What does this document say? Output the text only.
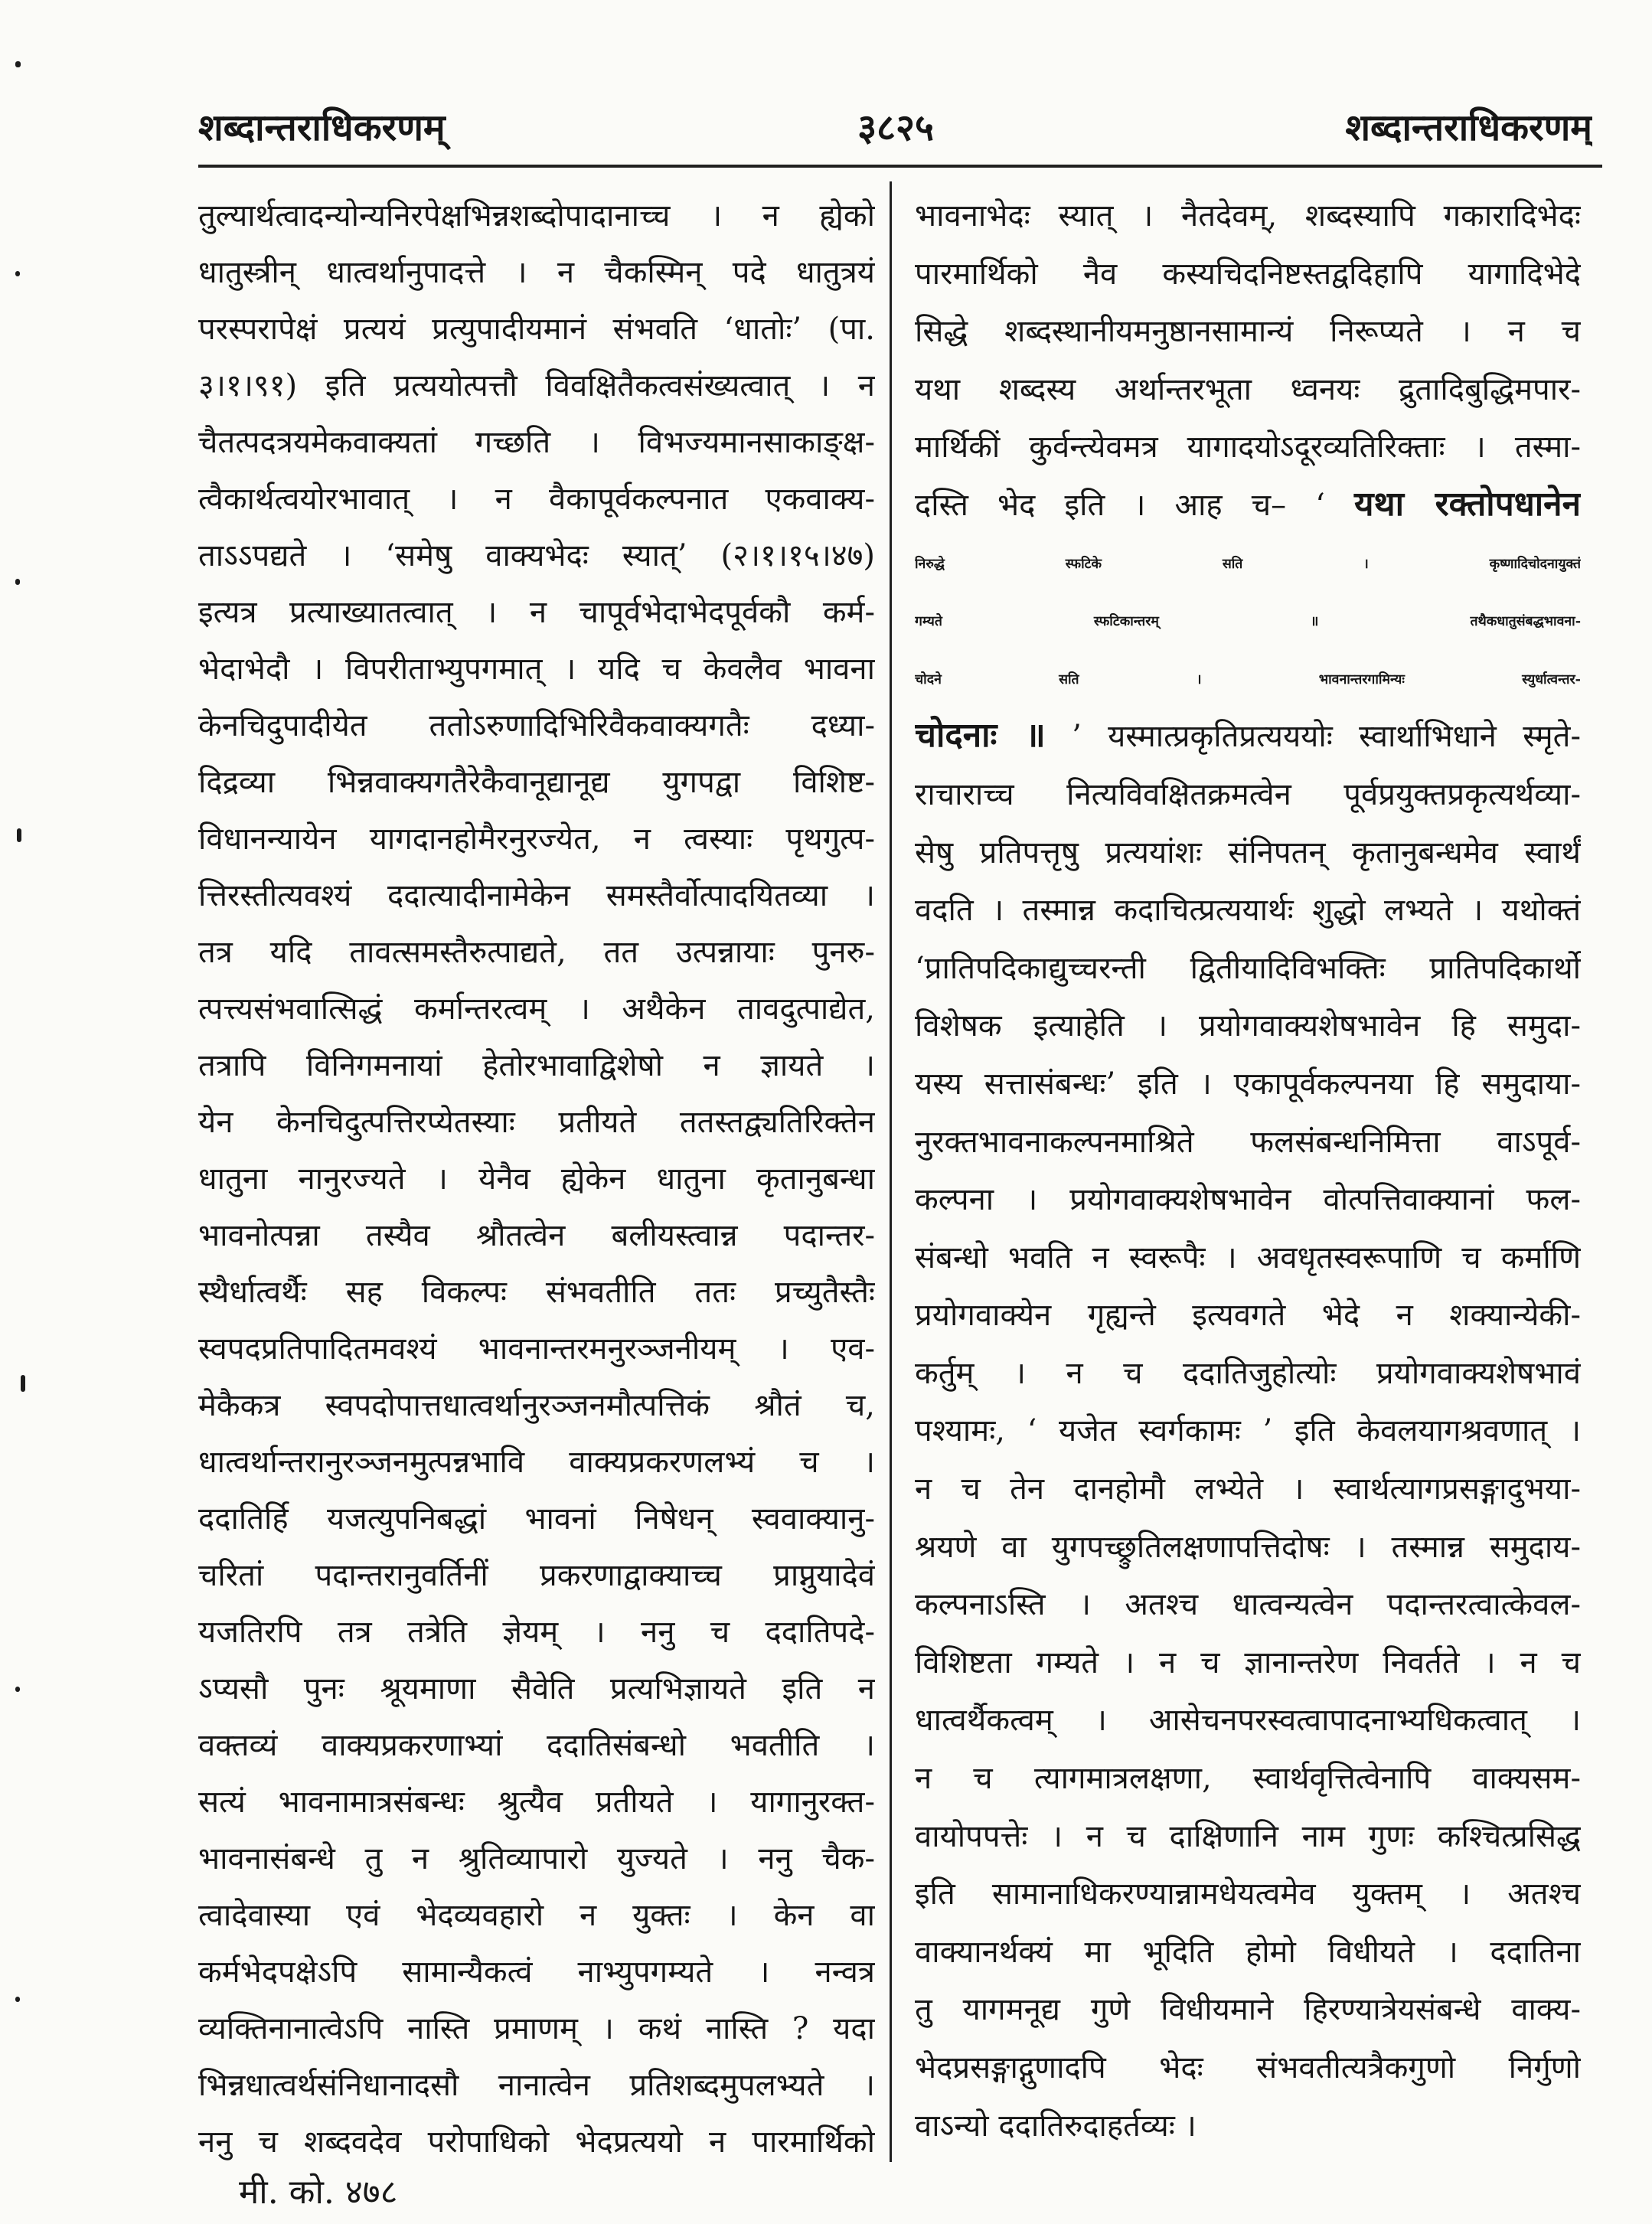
शब्दान्तराधिकरणम्	३८२५	शब्दान्तराधिकरणम्
तुल्यार्थत्वादन्योन्यनिरपेक्षभिन्नशब्दोपादानाच्च । न ह्येको
धातुस्त्रीन् धात्वर्थानुपादत्ते । न चैकस्मिन् पदे धातुत्रयं
परस्परापेक्षं प्रत्ययं प्रत्युपादीयमानं संभवति ‘धातोः’ (पा.
३।१।९१) इति प्रत्ययोत्पत्तौ विवक्षितैकत्वसंख्यत्वात् । न
चैतत्पदत्रयमेकवाक्यतां गच्छति । विभज्यमानसाकाङ्क्ष-
त्वैकार्थत्वयोरभावात् । न वैकापूर्वकल्पनात एकवाक्य-
ताऽऽपद्यते । ‘समेषु वाक्यभेदः स्यात्’ (२।१।१५।४७)
इत्यत्र प्रत्याख्यातत्वात् । न चापूर्वभेदाभेदपूर्वकौ कर्म-
भेदाभेदौ । विपरीताभ्युपगमात् । यदि च केवलैव भावना
केनचिदुपादीयेत ततोऽरुणादिभिरिवैकवाक्यगतैः दध्या-
दिद्रव्या भिन्नवाक्यगतैरेकैवानूद्यानूद्य युगपद्वा विशिष्ट-
विधानन्यायेन यागदानहोमैरनुरज्येत, न त्वस्याः पृथगुत्प-
त्तिरस्तीत्यवश्यं ददात्यादीनामेकेन समस्तैर्वोत्पादयितव्या ।
तत्र यदि तावत्समस्तैरुत्पाद्यते, तत उत्पन्नायाः पुनरु-
त्पत्त्यसंभवात्सिद्धं कर्मान्तरत्वम् । अथैकेन तावदुत्पाद्येत,
तत्रापि विनिगमनायां हेतोरभावाद्विशेषो न ज्ञायते ।
येन केनचिदुत्पत्तिरप्येतस्याः प्रतीयते ततस्तद्व्यतिरिक्तेन
धातुना नानुरज्यते । येनैव ह्येकेन धातुना कृतानुबन्धा
भावनोत्पन्ना तस्यैव श्रौतत्वेन बलीयस्त्वान्न पदान्तर-
स्थैर्धात्वर्थैः सह विकल्पः संभवतीति ततः प्रच्युतैस्तैः
स्वपदप्रतिपादितमवश्यं भावनान्तरमनुरञ्जनीयम् । एव-
मेकैकत्र स्वपदोपात्तधात्वर्थानुरञ्जनमौत्पत्तिकं श्रौतं च,
धात्वर्थान्तरानुरञ्जनमुत्पन्नभावि वाक्यप्रकरणलभ्यं च ।
ददातिर्हि यजत्युपनिबद्धां भावनां निषेधन् स्ववाक्यानु-
चरितां पदान्तरानुवर्तिनीं प्रकरणाद्वाक्याच्च प्राप्नुयादेवं
यजतिरपि तत्र तत्रेति ज्ञेयम् । ननु च ददातिपदे-
ऽप्यसौ पुनः श्रूयमाणा सैवेति प्रत्यभिज्ञायते इति न
वक्तव्यं वाक्यप्रकरणाभ्यां ददातिसंबन्धो भवतीति ।
सत्यं भावनामात्रसंबन्धः श्रुत्यैव प्रतीयते । यागानुरक्त-
भावनासंबन्धे तु न श्रुतिव्यापारो युज्यते । ननु चैक-
त्वादेवास्या एवं भेदव्यवहारो न युक्तः । केन वा
कर्मभेदपक्षेऽपि सामान्यैकत्वं नाभ्युपगम्यते । नन्वत्र
व्यक्तिनानात्वेऽपि नास्ति प्रमाणम् । कथं नास्ति ? यदा
भिन्नधात्वर्थसंनिधानादसौ नानात्वेन प्रतिशब्दमुपलभ्यते ।
ननु च शब्दवदेव परोपाधिको भेदप्रत्ययो न पारमार्थिको
भावनाभेदः स्यात् । नैतदेवम्, शब्दस्यापि गकारादिभेदः
पारमार्थिको नैव कस्यचिदनिष्टस्तद्वदिहापि यागादिभेदे
सिद्धे शब्दस्थानीयमनुष्ठानसामान्यं निरूप्यते । न च
यथा शब्दस्य अर्थान्तरभूता ध्वनयः द्रुतादिबुद्धिमपार-
मार्थिकीं कुर्वन्त्येवमत्र यागादयोऽदूरव्यतिरिक्ताः । तस्मा-
दस्ति भेद इति । आह च– ‘ यथा रक्तोपधानेन
निरुद्धे स्फटिके सति । कृष्णादिचोदनायुक्तं
गम्यते स्फटिकान्तरम् ॥ तथैकधातुसंबद्धभावना-
चोदने सति । भावनान्तरगामिन्यः स्युर्धात्वन्तर-
चोदनाः ॥ ’ यस्मात्प्रकृतिप्रत्यययोः स्वार्थाभिधाने स्मृते-
राचाराच्च नित्यविवक्षितक्रमत्वेन पूर्वप्रयुक्तप्रकृत्यर्थव्या-
सेषु प्रतिपत्तृषु प्रत्ययांशः संनिपतन् कृतानुबन्धमेव स्वार्थं
वदति । तस्मान्न कदाचित्प्रत्ययार्थः शुद्धो लभ्यते । यथोक्तं
‘प्रातिपदिकाद्युच्चरन्ती द्वितीयादिविभक्तिः प्रातिपदिकार्थो
विशेषक इत्याहेति । प्रयोगवाक्यशेषभावेन हि समुदा-
यस्य सत्तासंबन्धः’ इति । एकापूर्वकल्पनया हि समुदाया-
नुरक्तभावनाकल्पनमाश्रिते फलसंबन्धनिमित्ता वाऽपूर्व-
कल्पना । प्रयोगवाक्यशेषभावेन वोत्पत्तिवाक्यानां फल-
संबन्धो भवति न स्वरूपैः । अवधृतस्वरूपाणि च कर्माणि
प्रयोगवाक्येन गृह्यन्ते इत्यवगते भेदे न शक्यान्येकी-
कर्तुम् । न च ददातिजुहोत्योः प्रयोगवाक्यशेषभावं
पश्यामः, ‘ यजेत स्वर्गकामः ’ इति केवलयागश्रवणात् ।
न च तेन दानहोमौ लभ्येते । स्वार्थत्यागप्रसङ्गादुभया-
श्रयणे वा युगपच्छ्रुतिलक्षणापत्तिदोषः । तस्मान्न समुदाय-
कल्पनाऽस्ति । अतश्च धात्वन्यत्वेन पदान्तरत्वात्केवल-
विशिष्टता गम्यते । न च ज्ञानान्तरेण निवर्तते । न च
धात्वर्थैकत्वम् । आसेचनपरस्वत्वापादनाभ्यधिकत्वात् ।
न च त्यागमात्रलक्षणा, स्वार्थवृत्तित्वेनापि वाक्यसम-
वायोपपत्तेः । न च दाक्षिणानि नाम गुणः कश्चित्प्रसिद्ध
इति सामानाधिकरण्यान्नामधेयत्वमेव युक्तम् । अतश्च
वाक्यानर्थक्यं मा भूदिति होमो विधीयते । ददातिना
तु यागमनूद्य गुणे विधीयमाने हिरण्यात्रेयसंबन्धे वाक्य-
भेदप्रसङ्गाद्गुणादपि भेदः संभवतीत्यत्रैकगुणो निर्गुणो
वाऽन्यो ददातिरुदाहर्तव्यः ।
मी. को. ४७८
